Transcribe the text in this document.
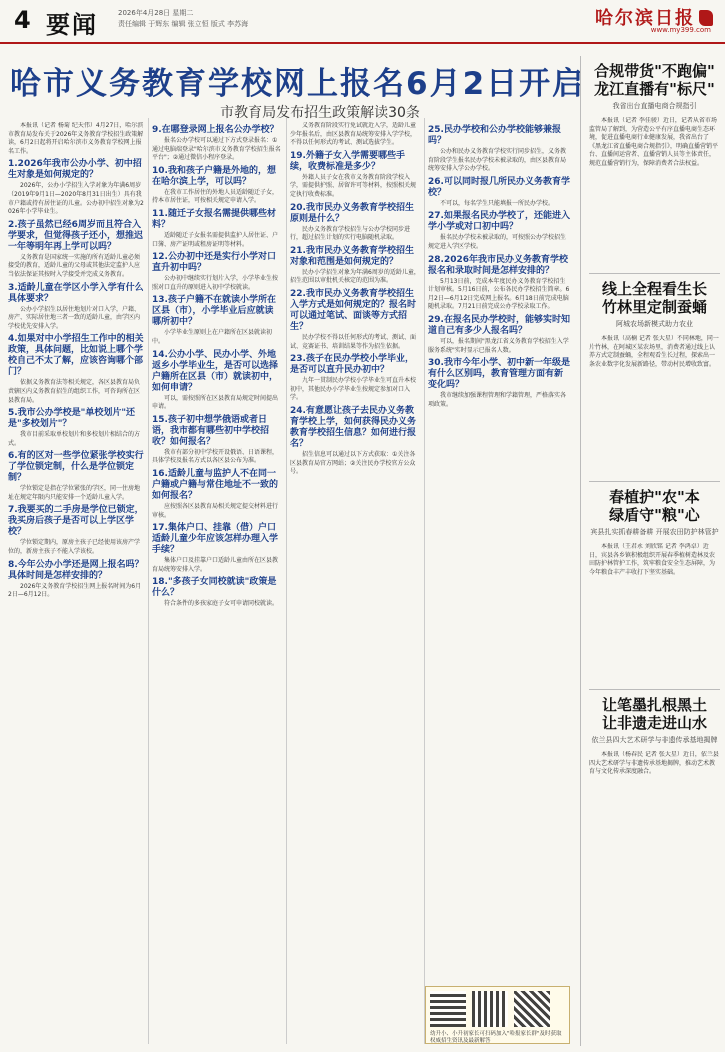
4 要闻	2026年4月28日 星期二
责任编辑 于辉东 编辑 张立恒 版式 李苏海	哈尔滨日报
www.my399.com
哈市义务教育学校网上报名6月2日开启
市教育局发布招生政策解读30条

本报讯（记者 杨菊 纪天伟）4月27日，哈尔滨市教育局发布关于2026年义务教育学校招生政策解读，6月2日起将开启哈尔滨市义务教育学校网上报名工作。

1.2026年我市公办小学、初中招生对象是如何规定的？

2026年，公办小学招生入学对象为年满6周岁（2019年9月1日—2020年8月31日出生）具有我市户籍或持有居住证的儿童。公办初中招生对象为2026年小学毕业生。

2.孩子虽然已经6周岁而且符合入学要求，但觉得孩子还小，想推迟一年等明年再上学可以吗？

义务教育是国家统一实施的所有适龄儿童必须接受的教育，适龄儿童的父母或其他法定监护人应当依法保证其按时入学接受并完成义务教育。

3.适龄儿童在学区小学入学有什么具体要求？

公办小学招生以居住地划片对口入学，户籍、房产、实际居住地三者一致的适龄儿童，由学区内学校优先安排入学。

4.如果对中小学招生工作中的相关政策，具体问题，比如说上哪个学校自己不太了解，应该咨询哪个部门？

依据义务教育法等相关规定，各区县教育局负责辖区内义务教育招生的组织工作，可咨询所在区县教育局。

5.我市公办学校是"单校划片"还是"多校划片"？

我市目前采取单校划片和多校划片相结合的方式。

6.有的区对一些学位紧张学校实行了学位锁定制，什么是学位锁定制？

学位锁定是指在学位紧张的学区，同一住房地址在规定年限内只能安排一个适龄儿童入学。

7.我要买的二手房是学位已锁定，我买房后孩子是否可以上学区学校？

学位锁定期内，原房主孩子已经使用该房产学位的，新房主孩子不能入学该校。

8.今年公办小学还是网上报名吗？具体时间是怎样安排的？

2026年义务教育学校招生网上报名时间为6月2日—6月12日。

9.在哪登录网上报名公办学校？

报名公办学校可以通过下方式登录报名：①通过电脑端登录"哈尔滨市义务教育学校招生报名平台"；②通过微信小程序登录。

10.我和孩子户籍是外地的，想在哈尔滨上学，可以吗？

在我市工作居住的外地人员适龄随迁子女，持本市居住证，可按相关规定申请入学。

11.随迁子女报名需提供哪些材料？

适龄随迁子女报名需提供监护人居住证、户口簿、房产证明或租房证明等材料。

12.公办初中还是实行小学对口直升初中吗？

公办初中继续实行划片入学，小学毕业生按照对口直升的原则进入初中学校就读。

13.孩子户籍不在就读小学所在区县（市），小学毕业后应就读哪所初中？

小学毕业生原则上在户籍所在区县就读初中。

14.公办小学、民办小学、外地返乡小学毕业生，是否可以选择户籍所在区县（市）就读初中，如何申请？

可以，需按照所在区县教育局规定时间提出申请。

15.孩子初中想学俄语或者日语，我市都有哪些初中学校招收？如何报名？

我市有部分初中学校开设俄语、日语课程，具体学校及报名方式以各区县公布为准。

16.适龄儿童与监护人不在同一户籍或户籍与常住地址不一致的如何报名？

应按照各区县教育局相关规定提交材料进行审核。

17.集体户口、挂靠（借）户口适龄儿童少年应该怎样办理入学手续？

集体户口及挂靠户口适龄儿童由所在区县教育局统筹安排入学。

18."多孩子女同校就读"政策是什么？

符合条件的多孩家庭子女可申请同校就读。

义务教育阶段实行免试就近入学，适龄儿童少年报名后，由区县教育局统筹安排入学学校，不得以任何形式的考试、测试选拔学生。

19.外籍子女入学需要哪些手续，收费标准是多少？

外籍人员子女在我市义务教育阶段学校入学，需提供护照、居留许可等材料，按照相关规定执行收费标准。

20.我市民办义务教育学校招生原则是什么？

民办义务教育学校招生与公办学校同步进行，超过招生计划的实行电脑随机录取。

21.我市民办义务教育学校招生对象和范围是如何规定的？

民办小学招生对象为年满6周岁的适龄儿童，招生范围以审批机关核定的范围为准。

22.我市民办义务教育学校招生入学方式是如何规定的？报名时可以通过笔试、面谈等方式招生？

民办学校不得以任何形式的考试、测试、面试、竞赛证书、培训结果等作为招生依据。

23.孩子在民办学校小学毕业，是否可以直升民办初中？

九年一贯制民办学校小学毕业生可直升本校初中，其他民办小学毕业生按规定参加对口入学。

24.有意愿让孩子去民办义务教育学校上学，如何获得民办义务教育学校招生信息？如何进行报名？

招生信息可以通过以下方式获取：①关注各区县教育局官方网站；②关注民办学校官方公众号。

25.民办学校和公办学校能够兼报吗？

公办和民办义务教育学校实行同步招生，义务教育阶段学生报名民办学校未被录取的，由区县教育局统筹安排入学公办学校。

26.可以同时报几所民办义务教育学校？

不可以，每名学生只能填报一所民办学校。

27.如果报名民办学校了，还能进入学小学或对口初中吗？

报名民办学校未被录取的，可按照公办学校招生规定进入学区学校。

28.2026年我市民办义务教育学校报名和录取时间是怎样安排的？

5月13日前，完成本年度民办义务教育学校招生计划审核。5月16日前，公布各民办学校招生简章。6月2日—6月12日完成网上报名。6月18日前完成电脑随机录取。7月21日前完成公办学校录取工作。

29.在报名民办学校时，能够实时知道自己有多少人报名吗？

可以，报名期间"黑龙江省义务教育学校招生入学服务系统"实时显示已报名人数。

30.我市今年小学、初中新一年级是有什么区别吗，教育管理方面有新变化吗？

我市继续加强课程管理和学籍管理，严格落实各项政策。

幼升小、小升初家长可扫码加入"哈报家长群"及时获取权威招生资讯及最新解答
合规带货"不跑偏"
龙江直播有"标尺"
我省出台直播电商合规指引

本报讯（记者 李佳骏）近日，记者从省市场监管局了解到，为营造公平有序直播电商生态环境，促进直播电商行业健康发展，我省出台了《黑龙江省直播电商合规指引》，明确直播营销平台、直播间运营者、直播营销人员等主体责任，规范直播营销行为，保障消费者合法权益。

线上全程看生长
竹林里定制蚕蛹
阿城农场新模式助力农业

本报讯（高楠 记者 张大星）不同林地，同一片竹林，在阿城区某农场里，消费者通过线上认养方式定制蚕蛹，全程观看生长过程，探索出一条农业数字化发展新路径，带动村民增收致富。

春植护"农"本
绿盾守"粮"心
宾县扎实抓春耕备耕 开展农田防护林管护

本报讯（王君永 刘欣铭 记者 李鸿卓）近日，宾县各乡镇积极组织开展春季植树造林及农田防护林管护工作，筑牢粮食安全生态屏障，为今年粮食丰产丰收打下坚实基础。

让笔墨扎根黑土
让非遗走进山水
依兰县四大艺术研学与非遗传承基地揭牌

本报讯（杨春民 记者 张大星）近日，依兰县四大艺术研学与非遗传承基地揭牌，推动艺术教育与文化传承深度融合。
